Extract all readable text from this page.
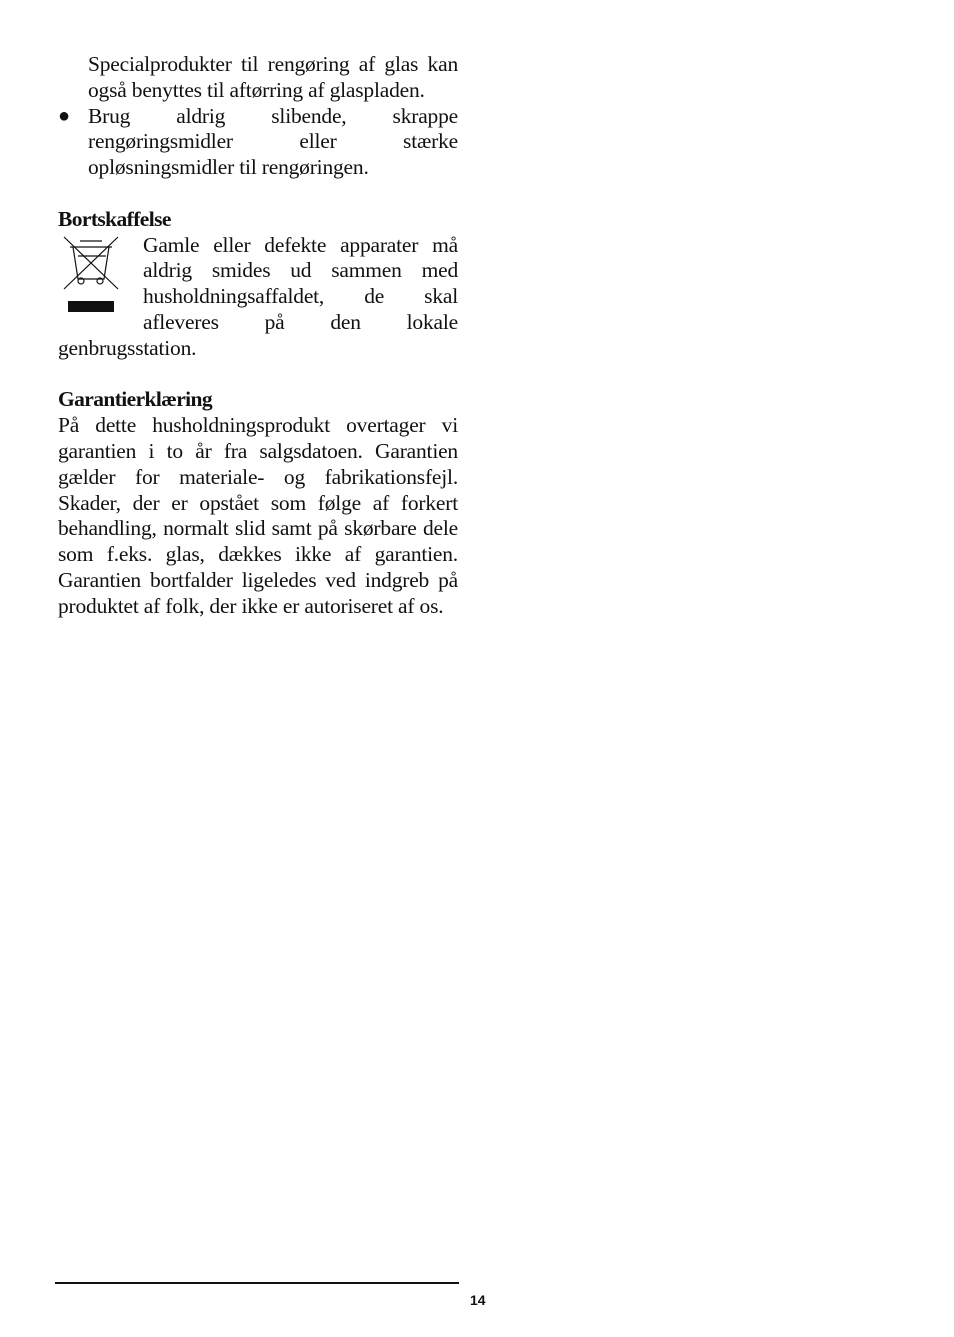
Specialprodukter til rengøring af glas kan også benyttes til aftørring af glaspladen.
● Brug aldrig slibende, skrappe rengøringsmidler eller stærke opløsningsmidler til rengøringen.
Bortskaffelse
Gamle eller defekte apparater må aldrig smides ud sammen med husholdningsaffaldet, de skal afleveres på den lokale genbrugsstation.
Garantierklæring
På dette husholdningsprodukt overtager vi garantien i to år fra salgsdatoen. Garantien gælder for materiale- og fabrikationsfejl. Skader, der er opstået som følge af forkert behandling, normalt slid samt på skørbare dele som f.eks. glas, dækkes ikke af garantien. Garantien bortfalder ligeledes ved indgreb på produktet af folk, der ikke er autoriseret af os.
14
